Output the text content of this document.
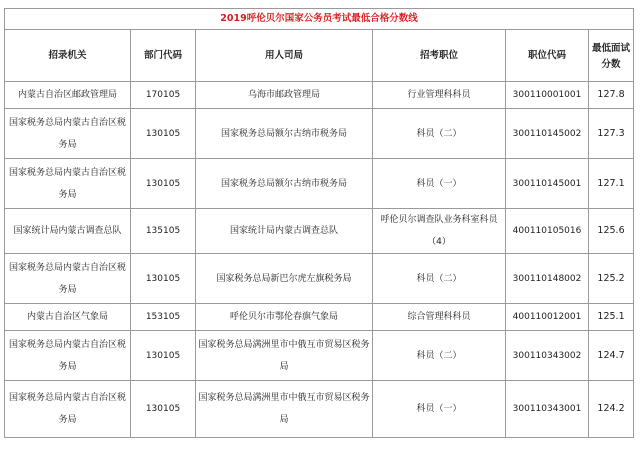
2019呼伦贝尔国家公务员考试最低合格分数线					
招录机关	部门代码	用人司局	招考职位	职位代码	最低面试分数
内蒙古自治区邮政管理局	170105	乌海市邮政管理局	行业管理科科员	300110001001	127.8
国家税务总局内蒙古自治区税务局	130105	国家税务总局额尔古纳市税务局	科员（二）	300110145002	127.3
国家税务总局内蒙古自治区税务局	130105	国家税务总局额尔古纳市税务局	科员（一）	300110145001	127.1
国家统计局内蒙古调查总队	135105	国家统计局内蒙古调查总队	呼伦贝尔调查队业务科室科员（4）	400110105016	125.6
国家税务总局内蒙古自治区税务局	130105	国家税务总局新巴尔虎左旗税务局	科员（二）	300110148002	125.2
内蒙古自治区气象局	153105	呼伦贝尔市鄂伦春旗气象局	综合管理科科员	400110012001	125.1
国家税务总局内蒙古自治区税务局	130105	国家税务总局满洲里市中俄互市贸易区税务局	科员（二）	300110343002	124.7
国家税务总局内蒙古自治区税务局	130105	国家税务总局满洲里市中俄互市贸易区税务局	科员（一）	300110343001	124.2
